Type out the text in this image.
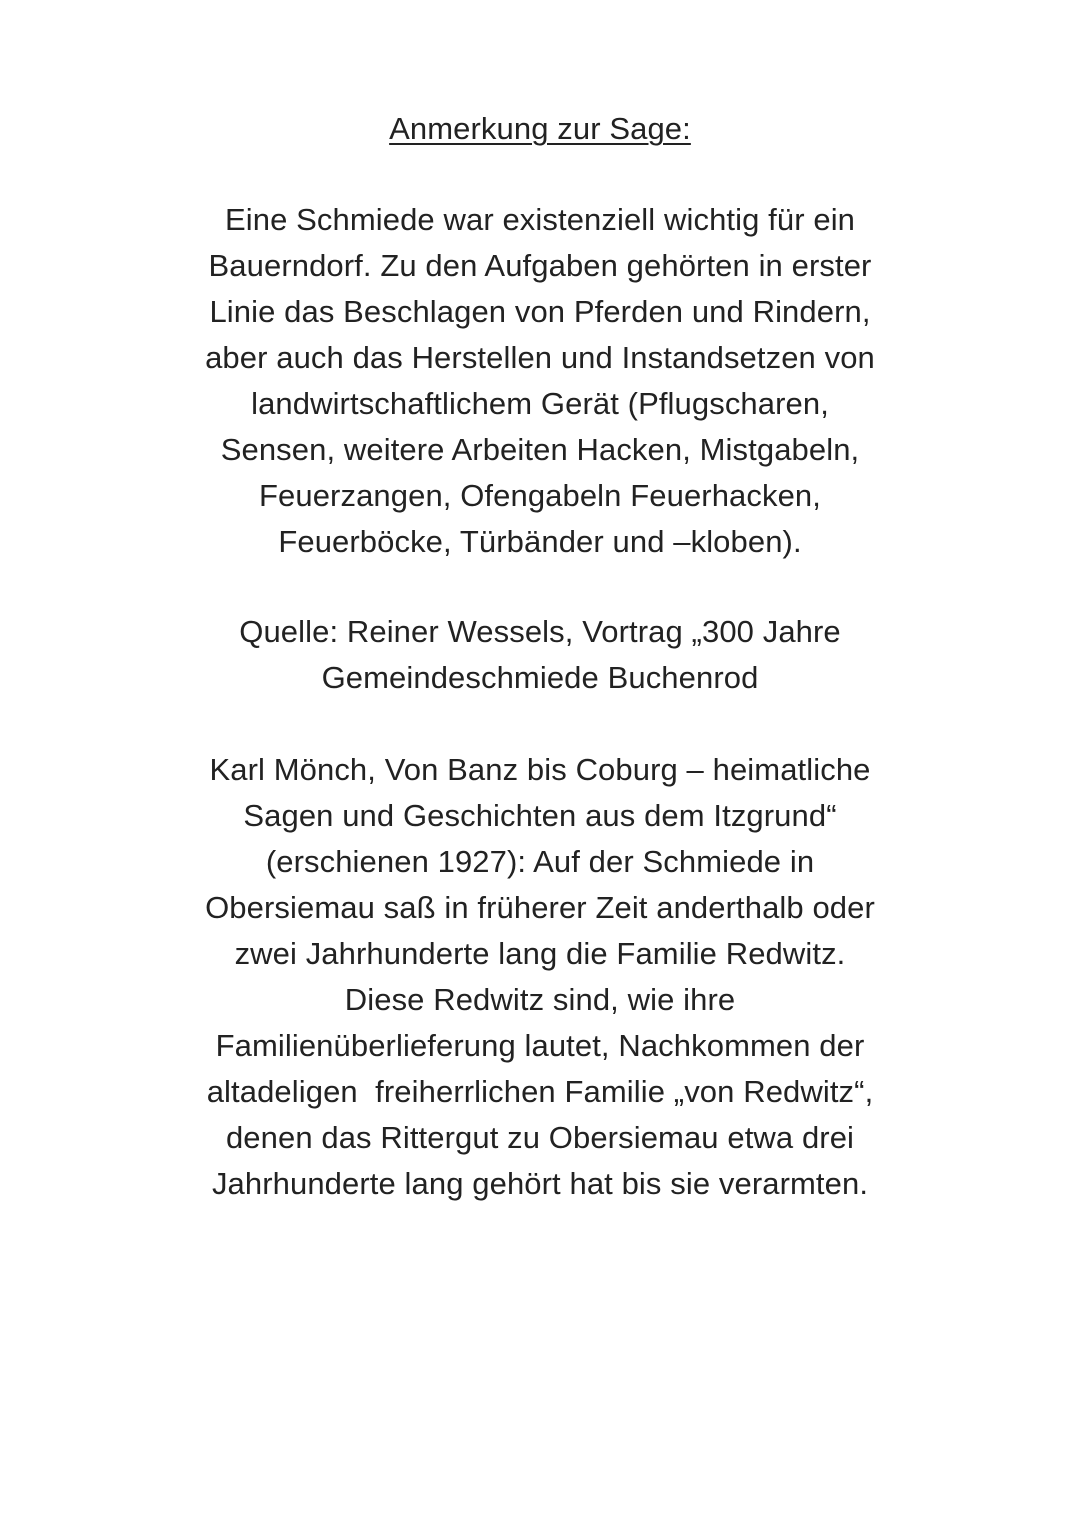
Anmerkung zur Sage:
Eine Schmiede war existenziell wichtig für ein
Bauerndorf. Zu den Aufgaben gehörten in erster
Linie das Beschlagen von Pferden und Rindern,
aber auch das Herstellen und Instandsetzen von
landwirtschaftlichem Gerät (Pflugscharen,
Sensen, weitere Arbeiten Hacken, Mistgabeln,
Feuerzangen, Ofengabeln Feuerhacken,
Feuerböcke, Türbänder und –kloben).
Quelle: Reiner Wessels, Vortrag „300 Jahre
Gemeindeschmiede Buchenrod
Karl Mönch, Von Banz bis Coburg – heimatliche
Sagen und Geschichten aus dem Itzgrund“
(erschienen 1927): Auf der Schmiede in
Obersiemau saß in früherer Zeit anderthalb oder
zwei Jahrhunderte lang die Familie Redwitz.
Diese Redwitz sind, wie ihre
Familienüberlieferung lautet, Nachkommen der
altadeligen  freiherrlichen Familie „von Redwitz“,
denen das Rittergut zu Obersiemau etwa drei
Jahrhunderte lang gehört hat bis sie verarmten.
